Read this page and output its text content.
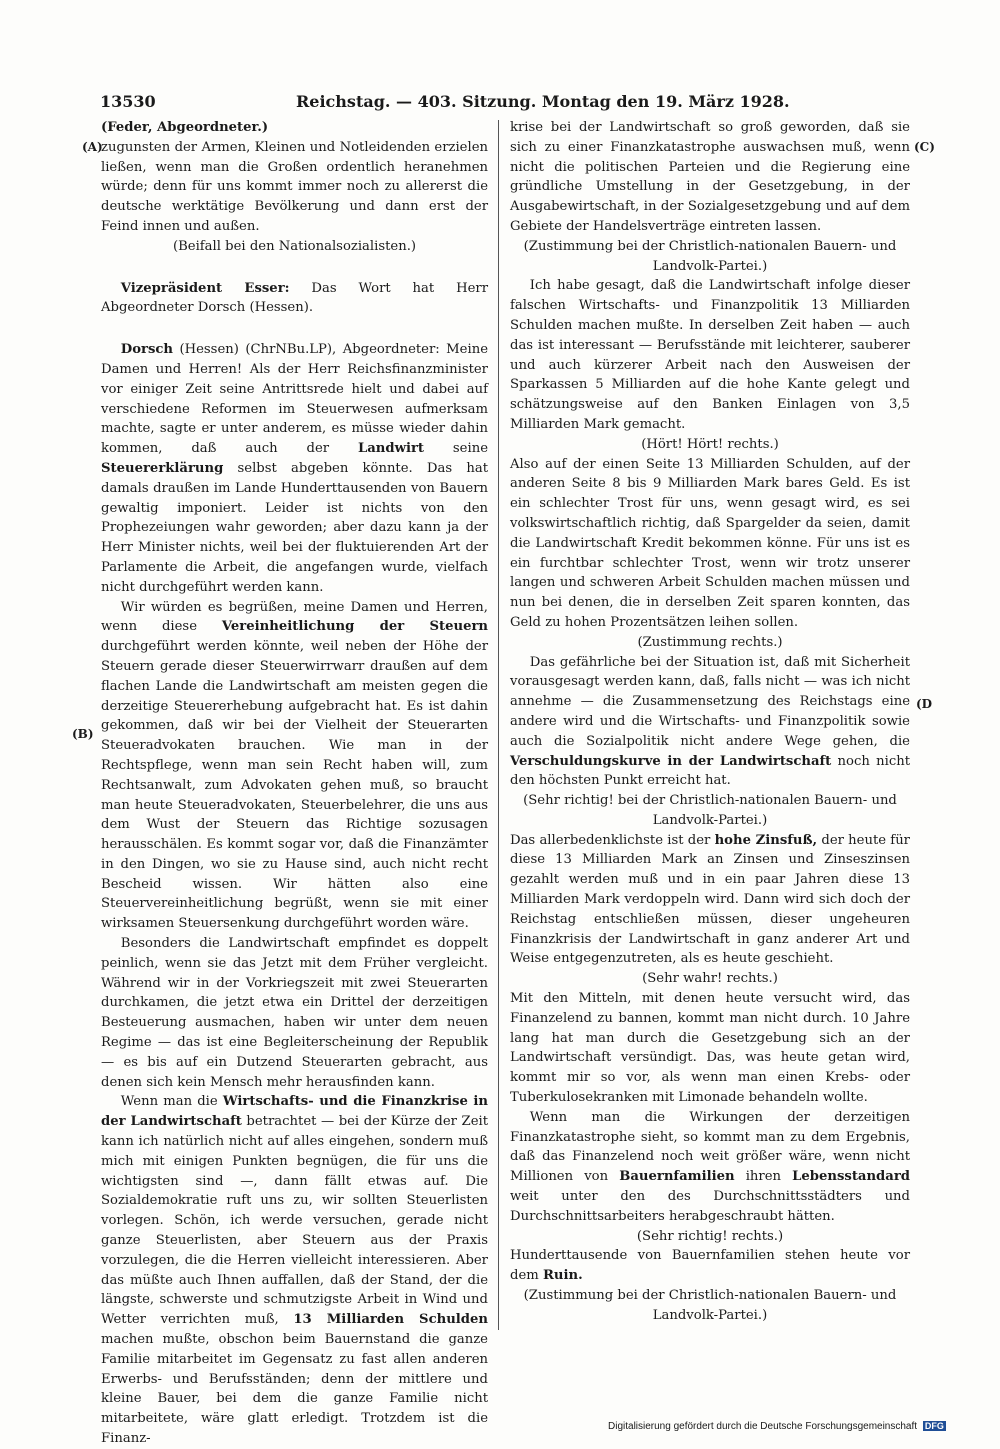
13530	Reichstag. — 403. Sitzung. Montag den 19. März 1928.
(A)
(B)
(C)
(D

(Feder, Abgeordneter.)

zugunsten der Armen, Kleinen und Notleidenden erzielen ließen, wenn man die Großen ordentlich heranehmen würde; denn für uns kommt immer noch zu allererst die deutsche werktätige Bevölkerung und dann erst der Feind innen und außen.

(Beifall bei den Nationalsozialisten.)

Vizepräsident Esser: Das Wort hat Herr Abgeordneter Dorsch (Hessen).

Dorsch (Hessen) (ChrNBu.LP), Abgeordneter: Meine Damen und Herren! Als der Herr Reichsfinanzminister vor einiger Zeit seine Antrittsrede hielt und dabei auf verschiedene Reformen im Steuerwesen aufmerksam machte, sagte er unter anderem, es müsse wieder dahin kommen, daß auch der Landwirt seine Steuererklärung selbst abgeben könnte. Das hat damals draußen im Lande Hunderttausenden von Bauern gewaltig imponiert. Leider ist nichts von den Prophezeiungen wahr geworden; aber dazu kann ja der Herr Minister nichts, weil bei der fluktuierenden Art der Parlamente die Arbeit, die angefangen wurde, vielfach nicht durchgeführt werden kann.

Wir würden es begrüßen, meine Damen und Herren, wenn diese Vereinheitlichung der Steuern durchgeführt werden könnte, weil neben der Höhe der Steuern gerade dieser Steuerwirrwarr draußen auf dem flachen Lande die Landwirtschaft am meisten gegen die derzeitige Steuererhebung aufgebracht hat. Es ist dahin gekommen, daß wir bei der Vielheit der Steuerarten Steueradvokaten brauchen. Wie man in der Rechtspflege, wenn man sein Recht haben will, zum Rechtsanwalt, zum Advokaten gehen muß, so braucht man heute Steueradvokaten, Steuerbelehrer, die uns aus dem Wust der Steuern das Richtige sozusagen herausschälen. Es kommt sogar vor, daß die Finanzämter in den Dingen, wo sie zu Hause sind, auch nicht recht Bescheid wissen. Wir hätten also eine Steuervereinheitlichung begrüßt, wenn sie mit einer wirksamen Steuersenkung durchgeführt worden wäre.

Besonders die Landwirtschaft empfindet es doppelt peinlich, wenn sie das Jetzt mit dem Früher vergleicht. Während wir in der Vorkriegszeit mit zwei Steuerarten durchkamen, die jetzt etwa ein Drittel der derzeitigen Besteuerung ausmachen, haben wir unter dem neuen Regime — das ist eine Begleiterscheinung der Republik — es bis auf ein Dutzend Steuerarten gebracht, aus denen sich kein Mensch mehr herausfinden kann.

Wenn man die Wirtschafts- und die Finanzkrise in der Landwirtschaft betrachtet — bei der Kürze der Zeit kann ich natürlich nicht auf alles eingehen, sondern muß mich mit einigen Punkten begnügen, die für uns die wichtigsten sind —, dann fällt etwas auf. Die Sozialdemokratie ruft uns zu, wir sollten Steuerlisten vorlegen. Schön, ich werde versuchen, gerade nicht ganze Steuerlisten, aber Steuern aus der Praxis vorzulegen, die die Herren vielleicht interessieren. Aber das müßte auch Ihnen auffallen, daß der Stand, der die längste, schwerste und schmutzigste Arbeit in Wind und Wetter verrichten muß, 13 Milliarden Schulden machen mußte, obschon beim Bauernstand die ganze Familie mitarbeitet im Gegensatz zu fast allen anderen Erwerbs- und Berufsständen; denn der mittlere und kleine Bauer, bei dem die ganze Familie nicht mitarbeitete, wäre glatt erledigt. Trotzdem ist die Finanz-

krise bei der Landwirtschaft so groß geworden, daß sie sich zu einer Finanzkatastrophe auswachsen muß, wenn nicht die politischen Parteien und die Regierung eine gründliche Umstellung in der Gesetzgebung, in der Ausgabewirtschaft, in der Sozialgesetzgebung und auf dem Gebiete der Handelsverträge eintreten lassen.

(Zustimmung bei der Christlich-nationalen Bauern- und Landvolk-Partei.)

Ich habe gesagt, daß die Landwirtschaft infolge dieser falschen Wirtschafts- und Finanzpolitik 13 Milliarden Schulden machen mußte. In derselben Zeit haben — auch das ist interessant — Berufsstände mit leichterer, sauberer und auch kürzerer Arbeit nach den Ausweisen der Sparkassen 5 Milliarden auf die hohe Kante gelegt und schätzungsweise auf den Banken Einlagen von 3,5 Milliarden Mark gemacht.

(Hört! Hört! rechts.)

Also auf der einen Seite 13 Milliarden Schulden, auf der anderen Seite 8 bis 9 Milliarden Mark bares Geld. Es ist ein schlechter Trost für uns, wenn gesagt wird, es sei volkswirtschaftlich richtig, daß Spargelder da seien, damit die Landwirtschaft Kredit bekommen könne. Für uns ist es ein furchtbar schlechter Trost, wenn wir trotz unserer langen und schweren Arbeit Schulden machen müssen und nun bei denen, die in derselben Zeit sparen konnten, das Geld zu hohen Prozentsätzen leihen sollen.

(Zustimmung rechts.)

Das gefährliche bei der Situation ist, daß mit Sicherheit vorausgesagt werden kann, daß, falls nicht — was ich nicht annehme — die Zusammensetzung des Reichstags eine andere wird und die Wirtschafts- und Finanzpolitik sowie auch die Sozialpolitik nicht andere Wege gehen, die Verschuldungskurve in der Landwirtschaft noch nicht den höchsten Punkt erreicht hat.

(Sehr richtig! bei der Christlich-nationalen Bauern- und Landvolk-Partei.)

Das allerbedenklichste ist der hohe Zinsfuß, der heute für diese 13 Milliarden Mark an Zinsen und Zinseszinsen gezahlt werden muß und in ein paar Jahren diese 13 Milliarden Mark verdoppeln wird. Dann wird sich doch der Reichstag entschließen müssen, dieser ungeheuren Finanzkrisis der Landwirtschaft in ganz anderer Art und Weise entgegenzutreten, als es heute geschieht.

(Sehr wahr! rechts.)

Mit den Mitteln, mit denen heute versucht wird, das Finanzelend zu bannen, kommt man nicht durch. 10 Jahre lang hat man durch die Gesetzgebung sich an der Landwirtschaft versündigt. Das, was heute getan wird, kommt mir so vor, als wenn man einen Krebs- oder Tuberkulosekranken mit Limonade behandeln wollte.

Wenn man die Wirkungen der derzeitigen Finanzkatastrophe sieht, so kommt man zu dem Ergebnis, daß das Finanzelend noch weit größer wäre, wenn nicht Millionen von Bauernfamilien ihren Lebensstandard weit unter den des Durchschnittsstädters und Durchschnittsarbeiters herabgeschraubt hätten.

(Sehr richtig! rechts.)

Hunderttausende von Bauernfamilien stehen heute vor dem Ruin.

(Zustimmung bei der Christlich-nationalen Bauern- und Landvolk-Partei.)

Digitalisierung gefördert durch die Deutsche Forschungsgemeinschaft DFG
